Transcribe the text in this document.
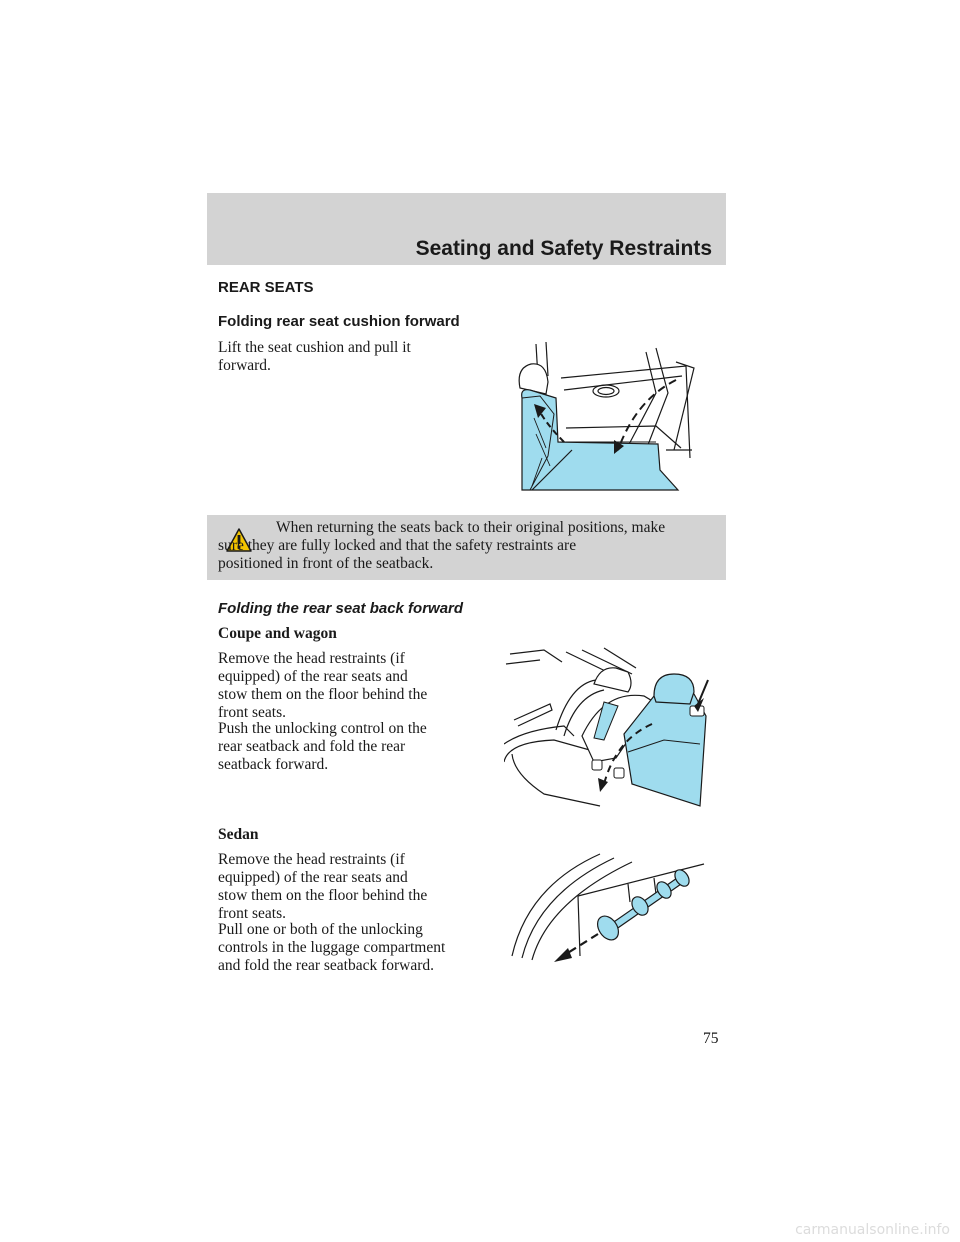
Seating and Safety Restraints
REAR SEATS
Folding rear seat cushion forward
Lift the seat cushion and pull it
forward.
When returning the seats back to their original positions, make
sure they are fully locked and that the safety restraints are
positioned in front of the seatback.
Folding the rear seat back forward
Coupe and wagon
Remove the head restraints (if
equipped) of the rear seats and
stow them on the floor behind the
front seats.
Push the unlocking control on the
rear seatback and fold the rear
seatback forward.
Sedan
Remove the head restraints (if
equipped) of the rear seats and
stow them on the floor behind the
front seats.
Pull one or both of the unlocking
controls in the luggage compartment
and fold the rear seatback forward.
75
carmanualsonline.info
